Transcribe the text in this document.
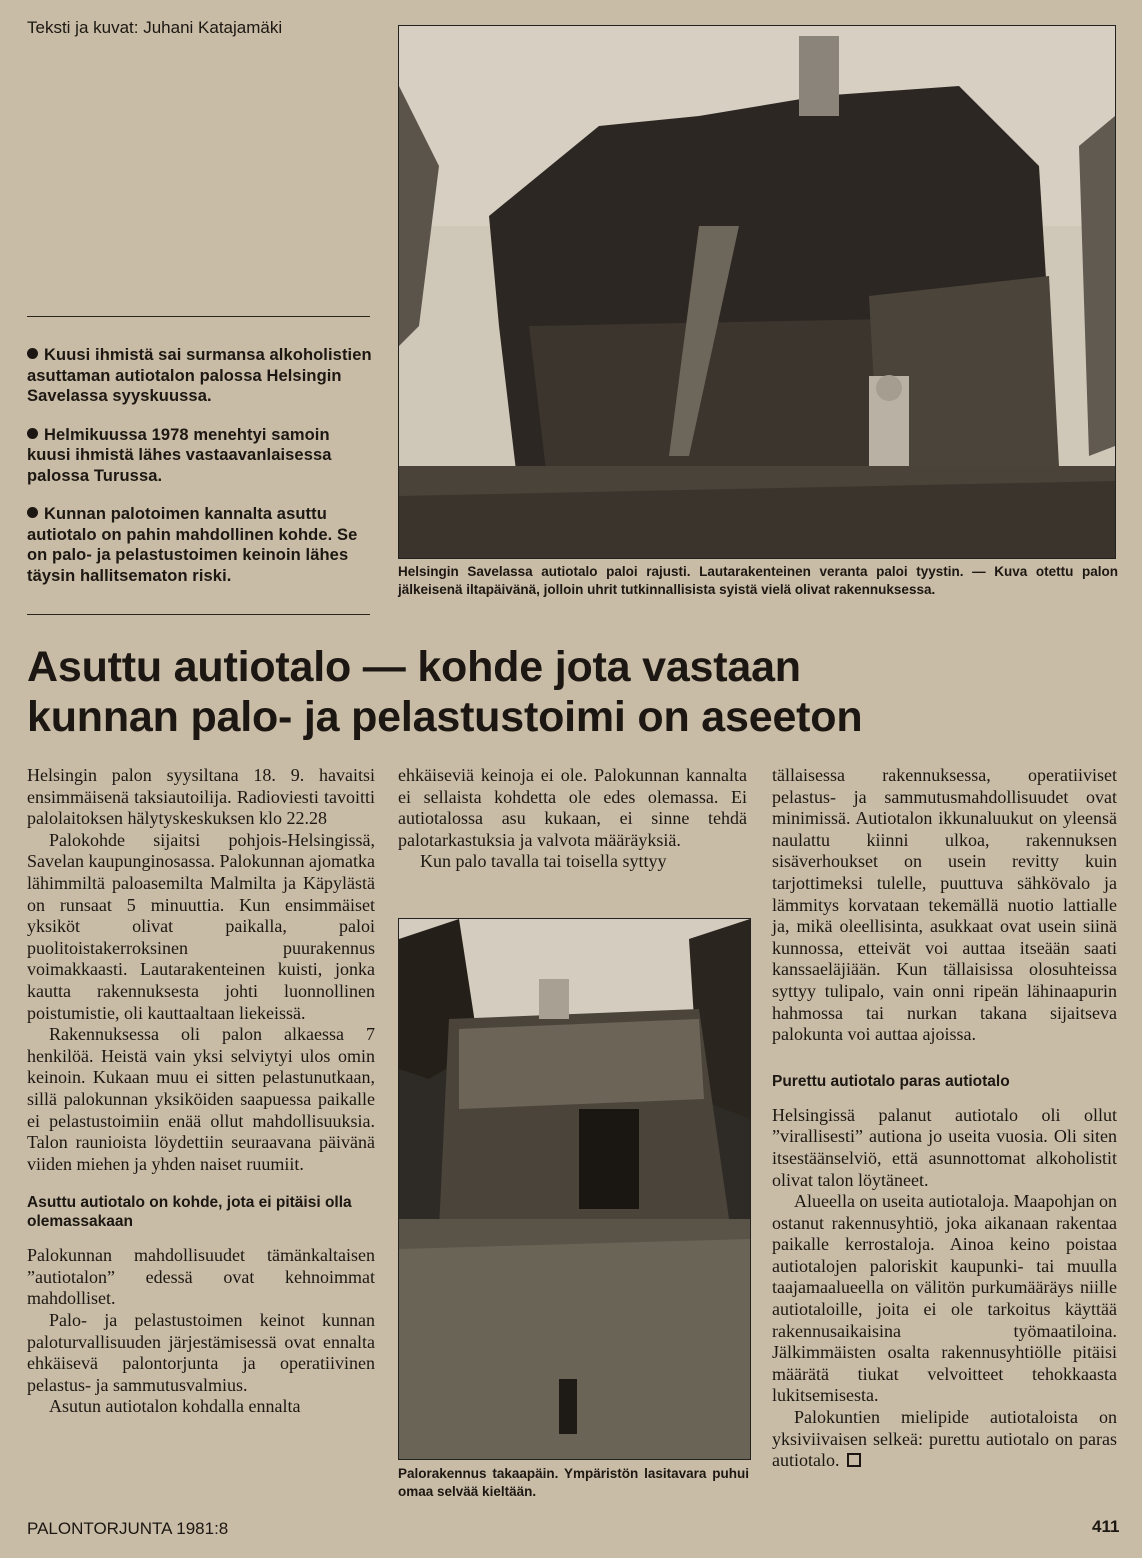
Teksti ja kuvat: Juhani Katajamäki
Helsingin Savelassa autiotalo paloi rajusti. Lautarakenteinen veranta paloi tyystin. — Kuva otettu palon jälkeisenä iltapäivänä, jolloin uhrit tutkinnallisista syistä vielä olivat rakennuksessa.
Kuusi ihmistä sai surmansa alkoholistien asuttaman autiotalon palossa Helsingin Savelassa syyskuussa.
Helmikuussa 1978 menehtyi samoin kuusi ihmistä lähes vastaavanlaisessa palossa Turussa.
Kunnan palotoimen kannalta asuttu autiotalo on pahin mahdollinen kohde. Se on palo- ja pelastustoimen keinoin lähes täysin hallitsematon riski.
Asuttu autiotalo — kohde jota vastaan
kunnan palo- ja pelastustoimi on aseeton

Helsingin palon syysiltana 18. 9. havaitsi ensimmäisenä taksiautoilija. Radioviesti tavoitti palolaitoksen hälytyskeskuksen klo 22.28

Palokohde sijaitsi pohjois-Helsingissä, Savelan kaupunginosassa. Palokunnan ajomatka lähimmiltä paloasemilta Malmilta ja Käpylästä on runsaat 5 minuuttia. Kun ensimmäiset yksiköt olivat paikalla, paloi puolitoistakerroksinen puurakennus voimakkaasti. Lautarakenteinen kuisti, jonka kautta rakennuksesta johti luonnollinen poistumistie, oli kauttaaltaan liekeissä.

Rakennuksessa oli palon alkaessa 7 henkilöä. Heistä vain yksi selviytyi ulos omin keinoin. Kukaan muu ei sitten pelastunutkaan, sillä palokunnan yksiköiden saapuessa paikalle ei pelastustoimiin enää ollut mahdollisuuksia. Talon raunioista löydettiin seuraavana päivänä viiden miehen ja yhden naiset ruumiit.

Asuttu autiotalo on kohde, jota ei pitäisi olla olemassakaan

Palokunnan mahdollisuudet tämänkaltaisen ”autiotalon” edessä ovat kehnoimmat mahdolliset.

Palo- ja pelastustoimen keinot kunnan paloturvallisuuden järjestämisessä ovat ennalta ehkäisevä palontorjunta ja operatiivinen pelastus- ja sammutusvalmius.

Asutun autiotalon kohdalla ennalta

ehkäiseviä keinoja ei ole. Palokunnan kannalta ei sellaista kohdetta ole edes olemassa. Ei autiotalossa asu kukaan, ei sinne tehdä palotarkastuksia ja valvota määräyksiä.

Kun palo tavalla tai toisella syttyy

Palorakennus takaapäin. Ympäristön lasitavara puhui omaa selvää kieltään.

tällaisessa rakennuksessa, operatiiviset pelastus- ja sammutusmahdollisuudet ovat minimissä. Autiotalon ikkunaluukut on yleensä naulattu kiinni ulkoa, rakennuksen sisäverhoukset on usein revitty kuin tarjottimeksi tulelle, puuttuva sähkövalo ja lämmitys korvataan tekemällä nuotio lattialle ja, mikä oleellisinta, asukkaat ovat usein siinä kunnossa, etteivät voi auttaa itseään saati kanssaeläjiään. Kun tällaisissa olosuhteissa syttyy tulipalo, vain onni ripeän lähinaapurin hahmossa tai nurkan takana sijaitseva palokunta voi auttaa ajoissa.

Purettu autiotalo paras autiotalo

Helsingissä palanut autiotalo oli ollut ”virallisesti” autiona jo useita vuosia. Oli siten itsestäänselviö, että asunnottomat alkoholistit olivat talon löytäneet.

Alueella on useita autiotaloja. Maapohjan on ostanut rakennusyhtiö, joka aikanaan rakentaa paikalle kerrostaloja. Ainoa keino poistaa autiotalojen paloriskit kaupunki- tai muulla taajamaalueella on välitön purkumääräys niille autiotaloille, joita ei ole tarkoitus käyttää rakennusaikaisina työmaatiloina. Jälkimmäisten osalta rakennusyhtiölle pitäisi määrätä tiukat velvoitteet tehokkaasta lukitsemisesta.

Palokuntien mielipide autiotaloista on yksiviivaisen selkeä: purettu autiotalo on paras autiotalo.

PALONTORJUNTA 1981:8	411
